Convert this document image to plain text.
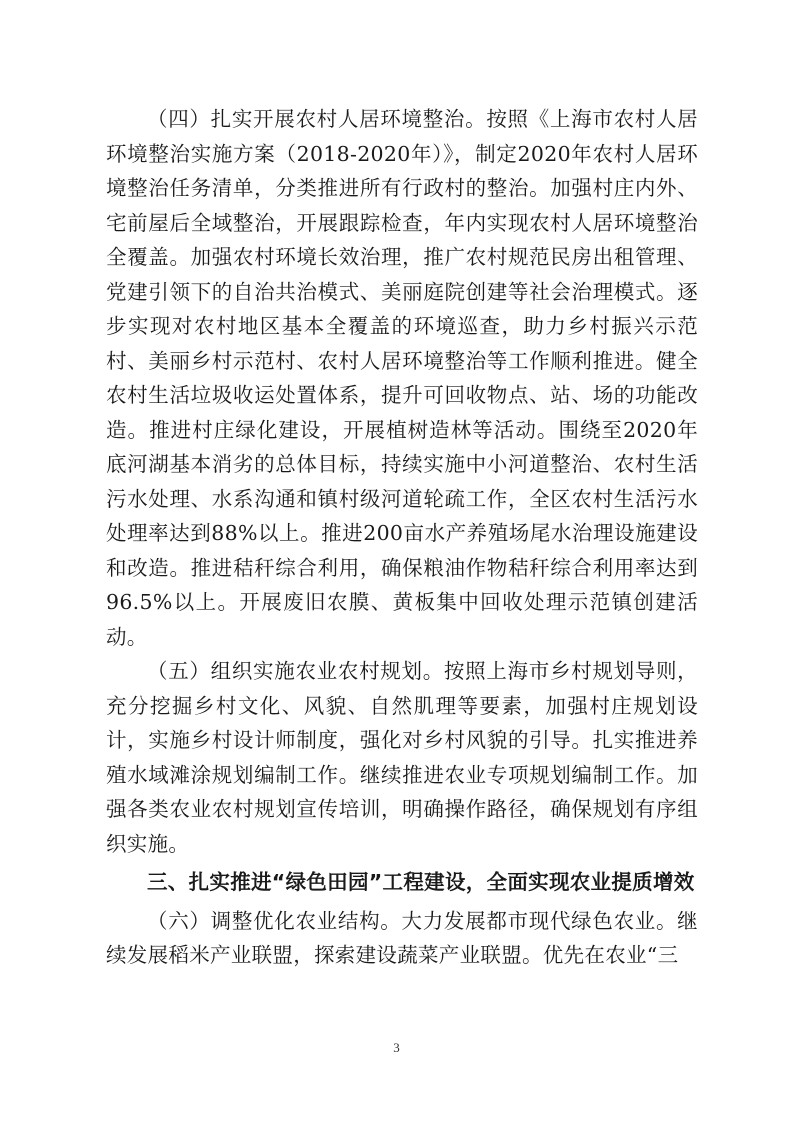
（四）扎实开展农村人居环境整治。按照《上海市农村人居环境整治实施方案（2018-2020年）》，制定2020年农村人居环境整治任务清单，分类推进所有行政村的整治。加强村庄内外、宅前屋后全域整治，开展跟踪检查，年内实现农村人居环境整治全覆盖。加强农村环境长效治理，推广农村规范民房出租管理、党建引领下的自治共治模式、美丽庭院创建等社会治理模式。逐步实现对农村地区基本全覆盖的环境巡查，助力乡村振兴示范村、美丽乡村示范村、农村人居环境整治等工作顺利推进。健全农村生活垃圾收运处置体系，提升可回收物点、站、场的功能改造。推进村庄绿化建设，开展植树造林等活动。围绕至2020年底河湖基本消劣的总体目标，持续实施中小河道整治、农村生活污水处理、水系沟通和镇村级河道轮疏工作，全区农村生活污水处理率达到88%以上。推进200亩水产养殖场尾水治理设施建设和改造。推进秸秆综合利用，确保粮油作物秸秆综合利用率达到96.5%以上。开展废旧农膜、黄板集中回收处理示范镇创建活动。

（五）组织实施农业农村规划。按照上海市乡村规划导则，充分挖掘乡村文化、风貌、自然肌理等要素，加强村庄规划设计，实施乡村设计师制度，强化对乡村风貌的引导。扎实推进养殖水域滩涂规划编制工作。继续推进农业专项规划编制工作。加强各类农业农村规划宣传培训，明确操作路径，确保规划有序组织实施。

三、扎实推进“绿色田园”工程建设，全面实现农业提质增效

（六）调整优化农业结构。大力发展都市现代绿色农业。继续发展稻米产业联盟，探索建设蔬菜产业联盟。优先在农业“三

3
